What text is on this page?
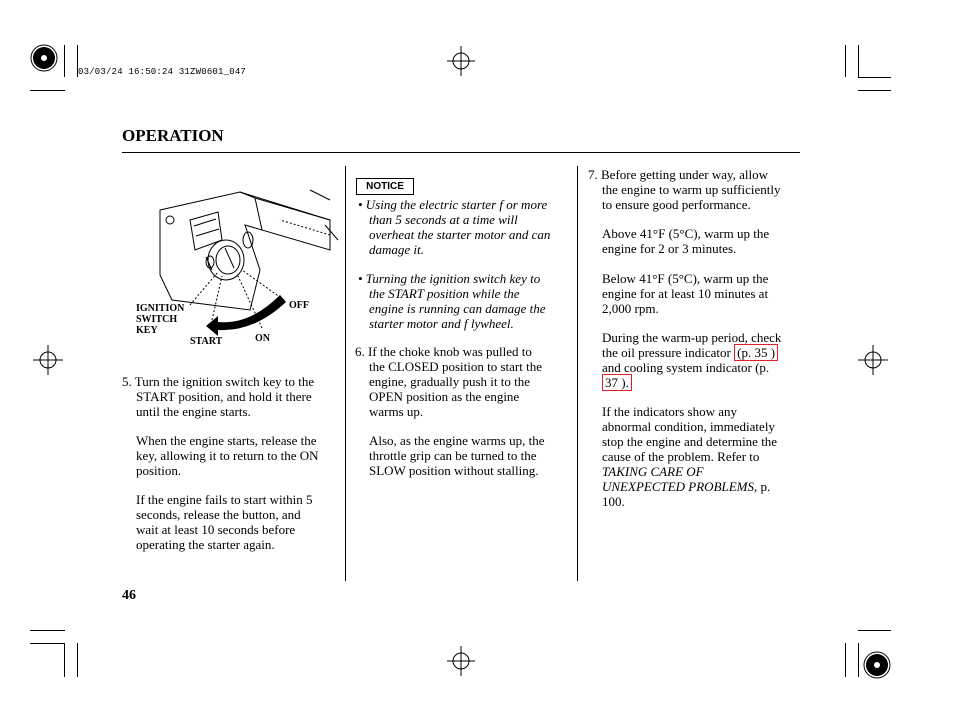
03/03/24 16:50:24 31ZW0601_047
OPERATION
IGNITION
SWITCH
KEY
START	ON
OFF

5. Turn the ignition switch key to the

START position, and hold it there

until the engine starts.

When the engine starts, release the

key, allowing it to return to the ON

position.

If the engine fails to start within 5

seconds, release the button, and

wait at least 10 seconds before

operating the starter again.

NOTICE

• Using the electric starter f or more

than 5 seconds at a time will

overheat the starter motor and can

damage it.

• Turning the ignition switch key to

the START position while the

engine is running can damage the

starter motor and f lywheel.

6. If the choke knob was pulled to

the CLOSED position to start the

engine, gradually push it to the

OPEN position as the engine

warms up.

Also, as the engine warms up, the

throttle grip can be turned to the

SLOW position without stalling.

7. Before getting under way, allow

the engine to warm up sufficiently

to ensure good performance.

Above 41°F (5°C), warm up the

engine for 2 or 3 minutes.

Below 41°F (5°C), warm up the

engine for at least 10 minutes at

2,000 rpm.

During the warm-up period, check

the oil pressure indicator (p. 35 )

and cooling system indicator (p.

37 ).

If the indicators show any

abnormal condition, immediately

stop the engine and determine the

cause of the problem. Refer to

TAKING CARE OF

UNEXPECTED PROBLEMS, p.

100.

46
